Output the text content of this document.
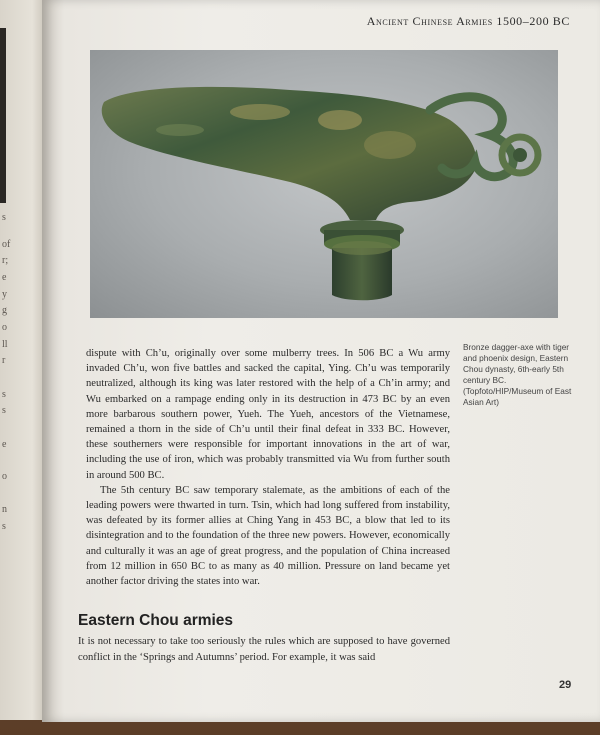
s
of
r;
e
y
g
o
ll
r
s
s
e
o
n
s
Ancient Chinese Armies 1500–200 BC

dispute with Ch’u, originally over some mulberry trees. In 506 BC a Wu army invaded Ch’u, won five battles and sacked the capital, Ying. Ch’u was temporarily neutralized, although its king was later restored with the help of a Ch’in army; and Wu embarked on a rampage ending only in its destruction in 473 BC by an even more barbarous southern power, Yueh. The Yueh, ancestors of the Vietnamese, remained a thorn in the side of Ch’u until their final defeat in 333 BC. However, these southerners were responsible for important innovations in the art of war, including the use of iron, which was probably transmitted via Wu from further south in around 500 BC.

The 5th century BC saw temporary stalemate, as the ambitions of each of the leading powers were thwarted in turn. Tsin, which had long suffered from instability, was defeated by its former allies at Ching Yang in 453 BC, a blow that led to its disintegration and to the foundation of the three new powers. However, economically and culturally it was an age of great progress, and the population of China increased from 12 million in 650 BC to as many as 40 million. Pressure on land became yet another factor driving the states into war.

Bronze dagger-axe with tiger and phoenix design, Eastern Chou dynasty, 6th-early 5th century BC. (Topfoto/HIP/Museum of East Asian Art)

Eastern Chou armies

It is not necessary to take too seriously the rules which are supposed to have governed conflict in the ‘Springs and Autumns’ period. For example, it was said

29
